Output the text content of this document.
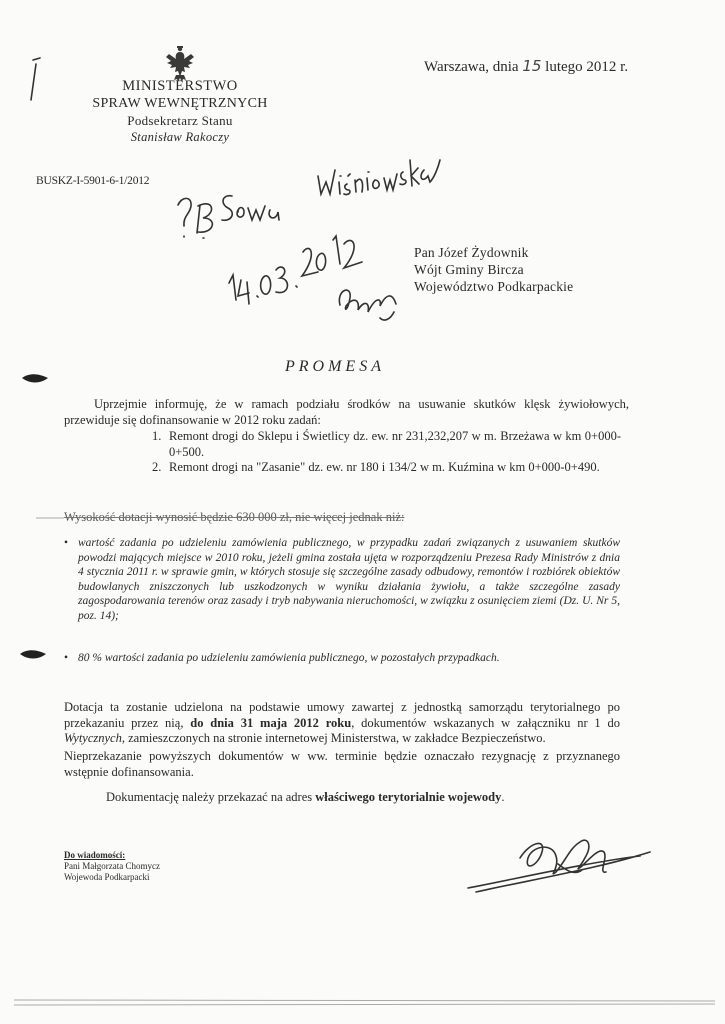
MINISTERSTWO
SPRAW WEWNĘTRZNYCH
Podsekretarz Stanu
Stanisław Rakoczy
Warszawa, dnia 15 lutego 2012 r.
BUSKZ-I-5901-6-1/2012
Pan Józef Żydownik
Wójt Gminy Bircza
Województwo Podkarpackie
PROMESA

Uprzejmie informuję, że w ramach podziału środków na usuwanie skutków klęsk żywiołowych, przewiduje się dofinansowanie w 2012 roku zadań:

1. Remont drogi do Sklepu i Świetlicy dz. ew. nr 231,232,207 w m. Brzeżawa w km 0+000-0+500.
2. Remont drogi na "Zasanie" dz. ew. nr 180 i 134/2 w m. Kuźmina w km 0+000-0+490.
Wysokość dotacji wynosić będzie 630 000 zł, nie więcej jednak niż:
• wartość zadania po udzieleniu zamówienia publicznego, w przypadku zadań związanych z usuwaniem skutków powodzi mających miejsce w 2010 roku, jeżeli gmina została ujęta w rozporządzeniu Prezesa Rady Ministrów z dnia 4 stycznia 2011 r. w sprawie gmin, w których stosuje się szczególne zasady odbudowy, remontów i rozbiórek obiektów budowlanych zniszczonych lub uszkodzonych w wyniku działania żywiołu, a także szczególne zasady zagospodarowania terenów oraz zasady i tryb nabywania nieruchomości, w związku z osunięciem ziemi (Dz. U. Nr 5, poz. 14);
• 80 % wartości zadania po udzieleniu zamówienia publicznego, w pozostałych przypadkach.
Dotacja ta zostanie udzielona na podstawie umowy zawartej z jednostką samorządu terytorialnego po przekazaniu przez nią, do dnia 31 maja 2012 roku, dokumentów wskazanych w załączniku nr 1 do Wytycznych, zamieszczonych na stronie internetowej Ministerstwa, w zakładce Bezpieczeństwo.
Nieprzekazanie powyższych dokumentów w ww. terminie będzie oznaczało rezygnację z przyznanego wstępnie dofinansowania.
Dokumentację należy przekazać na adres właściwego terytorialnie wojewody.
Do wiadomości:
Pani Małgorzata Chomycz
Wojewoda Podkarpacki
